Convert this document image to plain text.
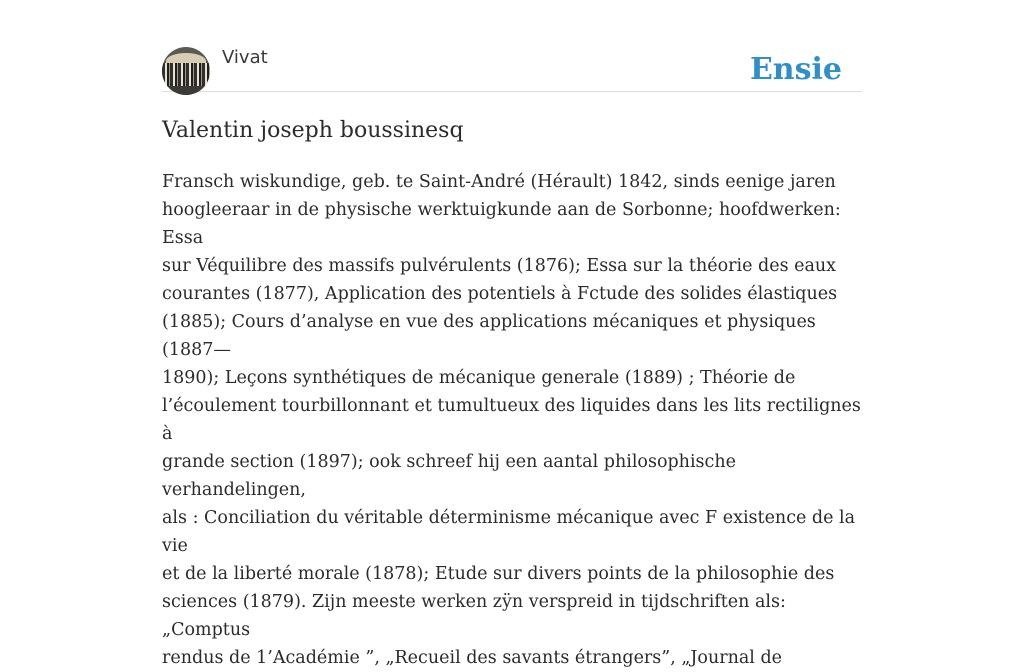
Vivat	Ensie
Valentin joseph boussinesq

Fransch wiskundige, geb. te Saint-André (Hérault) 1842, sinds eenige jaren
hoogleeraar in de physische werktuigkunde aan de Sorbonne; hoofdwerken: Essa
sur Véquilibre des massifs pulvérulents (1876); Essa sur la théorie des eaux
courantes (1877), Application des potentiels à Fctude des solides élastiques
(1885); Cours d’analyse en vue des applications mécaniques et physiques (1887—
1890); Leçons synthétiques de mécanique generale (1889) ; Théorie de
l’écoulement tourbillonnant et tumultueux des liquides dans les lits rectilignes à
grande section (1897); ook schreef hij een aantal philosophische verhandelingen,
als : Conciliation du véritable déterminisme mécanique avec F existence de la vie
et de la liberté morale (1878); Etude sur divers points de la philosophie des
sciences (1879). Zijn meeste werken zÿn verspreid in tijdschriften als: „Comptus
rendus de 1’Académie ”, „Recueil des savants étrangers”, „Journal de
